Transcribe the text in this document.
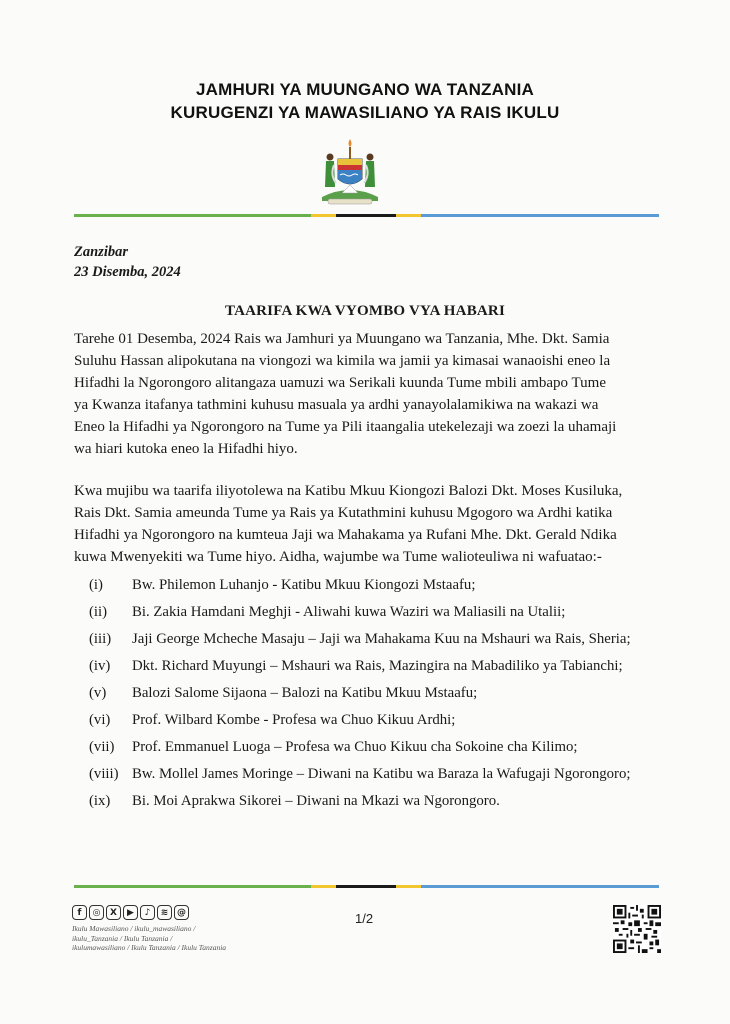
JAMHURI YA MUUNGANO WA TANZANIA
KURUGENZI YA MAWASILIANO YA RAIS IKULU
Zanzibar
23 Disemba, 2024
TAARIFA KWA VYOMBO VYA HABARI
Tarehe 01 Desemba, 2024 Rais wa Jamhuri ya Muungano wa Tanzania, Mhe. Dkt. Samia
Suluhu Hassan alipokutana na viongozi wa kimila wa jamii ya kimasai wanaoishi eneo la
Hifadhi la Ngorongoro alitangaza uamuzi wa Serikali kuunda Tume mbili ambapo Tume
ya Kwanza itafanya tathmini kuhusu masuala ya ardhi yanayolalamikiwa na wakazi wa
Eneo la Hifadhi ya Ngorongoro na Tume ya Pili itaangalia utekelezaji wa zoezi la uhamaji
wa hiari kutoka eneo la Hifadhi hiyo.
Kwa mujibu wa taarifa iliyotolewa na Katibu Mkuu Kiongozi Balozi Dkt. Moses Kusiluka,
Rais Dkt. Samia ameunda Tume ya Rais ya Kutathmini kuhusu Mgogoro wa Ardhi katika
Hifadhi ya Ngorongoro na kumteua Jaji wa Mahakama ya Rufani Mhe. Dkt. Gerald Ndika
kuwa Mwenyekiti wa Tume hiyo. Aidha, wajumbe wa Tume walioteuliwa ni wafuatao:-
(i) Bw. Philemon Luhanjo - Katibu Mkuu Kiongozi Mstaafu;
(ii) Bi. Zakia Hamdani Meghji - Aliwahi kuwa Waziri wa Maliasili na Utalii;
(iii) Jaji George Mcheche Masaju – Jaji wa Mahakama Kuu na Mshauri wa Rais, Sheria;
(iv) Dkt. Richard Muyungi – Mshauri wa Rais, Mazingira na Mabadiliko ya Tabianchi;
(v) Balozi Salome Sijaona – Balozi na Katibu Mkuu Mstaafu;
(vi) Prof. Wilbard Kombe - Profesa wa Chuo Kikuu Ardhi;
(vii) Prof. Emmanuel Luoga – Profesa wa Chuo Kikuu cha Sokoine cha Kilimo;
(viii) Bw. Mollel James Moringe – Diwani na Katibu wa Baraza la Wafugaji Ngorongoro;
(ix) Bi. Moi Aprakwa Sikorei – Diwani na Mkazi wa Ngorongoro.
f	◎	X	▶	♪	≋ @
Ikulu Mawasiliano / ikulu_mawasiliano /
ikulu_Tanzania / Ikulu Tanzania /
ikulumawasiliano / Ikulu Tanzania / Ikulu Tanzania
1/2
